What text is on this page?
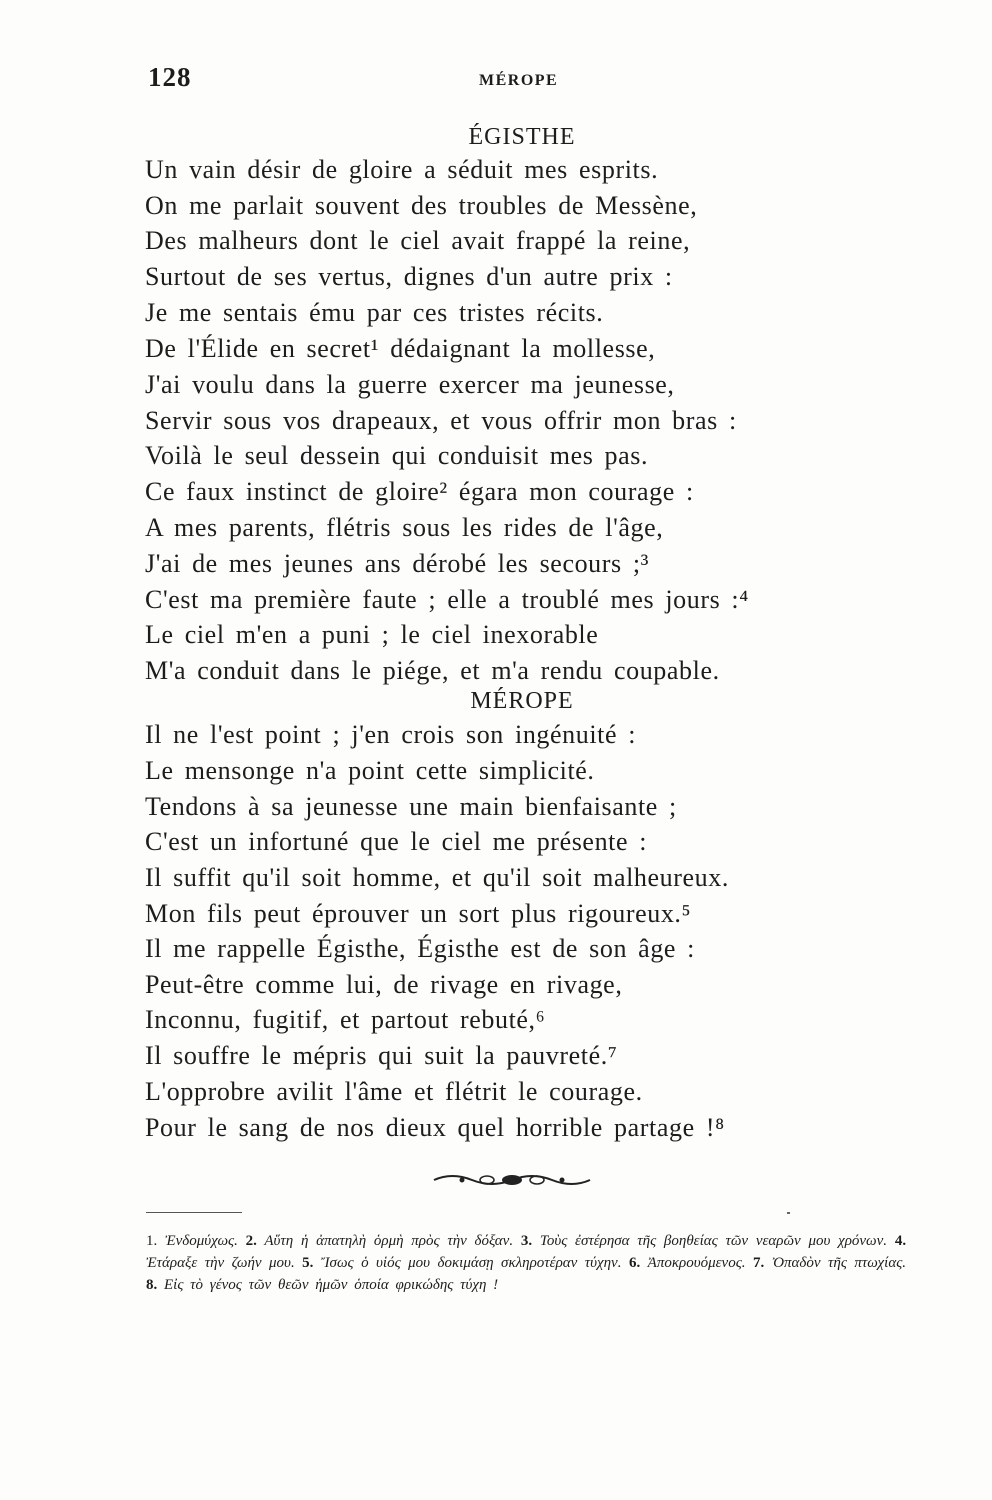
128	MÉROPE
ÉGISTHE
Un vain désir de gloire a séduit mes esprits.
On me parlait souvent des troubles de Messène,
Des malheurs dont le ciel avait frappé la reine,
Surtout de ses vertus, dignes d'un autre prix :
Je me sentais ému par ces tristes récits.
De l'Élide en secret¹ dédaignant la mollesse,
J'ai voulu dans la guerre exercer ma jeunesse,
Servir sous vos drapeaux, et vous offrir mon bras :
Voilà le seul dessein qui conduisit mes pas.
Ce faux instinct de gloire² égara mon courage :
A mes parents, flétris sous les rides de l'âge,
J'ai de mes jeunes ans dérobé les secours ;³
C'est ma première faute ; elle a troublé mes jours :⁴
Le ciel m'en a puni ; le ciel inexorable
M'a conduit dans le piége, et m'a rendu coupable.
MÉROPE
Il ne l'est point ; j'en crois son ingénuité :
Le mensonge n'a point cette simplicité.
Tendons à sa jeunesse une main bienfaisante ;
C'est un infortuné que le ciel me présente :
Il suffit qu'il soit homme, et qu'il soit malheureux.
Mon fils peut éprouver un sort plus rigoureux.⁵
Il me rappelle Égisthe, Égisthe est de son âge :
Peut-être comme lui, de rivage en rivage,
Inconnu, fugitif, et partout rebuté,⁶
Il souffre le mépris qui suit la pauvreté.⁷
L'opprobre avilit l'âme et flétrit le courage.
Pour le sang de nos dieux quel horrible partage !⁸
1. Ἐνδομύχως. 2. Αὕτη ἡ ἀπατηλὴ ὁρμὴ πρὸς τὴν δόξαν. 3. Τοὺς ἐστέρησα τῆς βοηθείας τῶν νεαρῶν μου χρόνων. 4. Ἐτάραξε τὴν ζωήν μου. 5. Ἴσως ὁ υἱός μου δοκιμάσῃ σκληροτέραν τύχην. 6. Ἀποκρουόμενος. 7. Ὀπαδὸν τῆς πτωχίας. 8. Εἰς τὸ γένος τῶν θεῶν ἡμῶν ὁποία φρικώδης τύχη !
